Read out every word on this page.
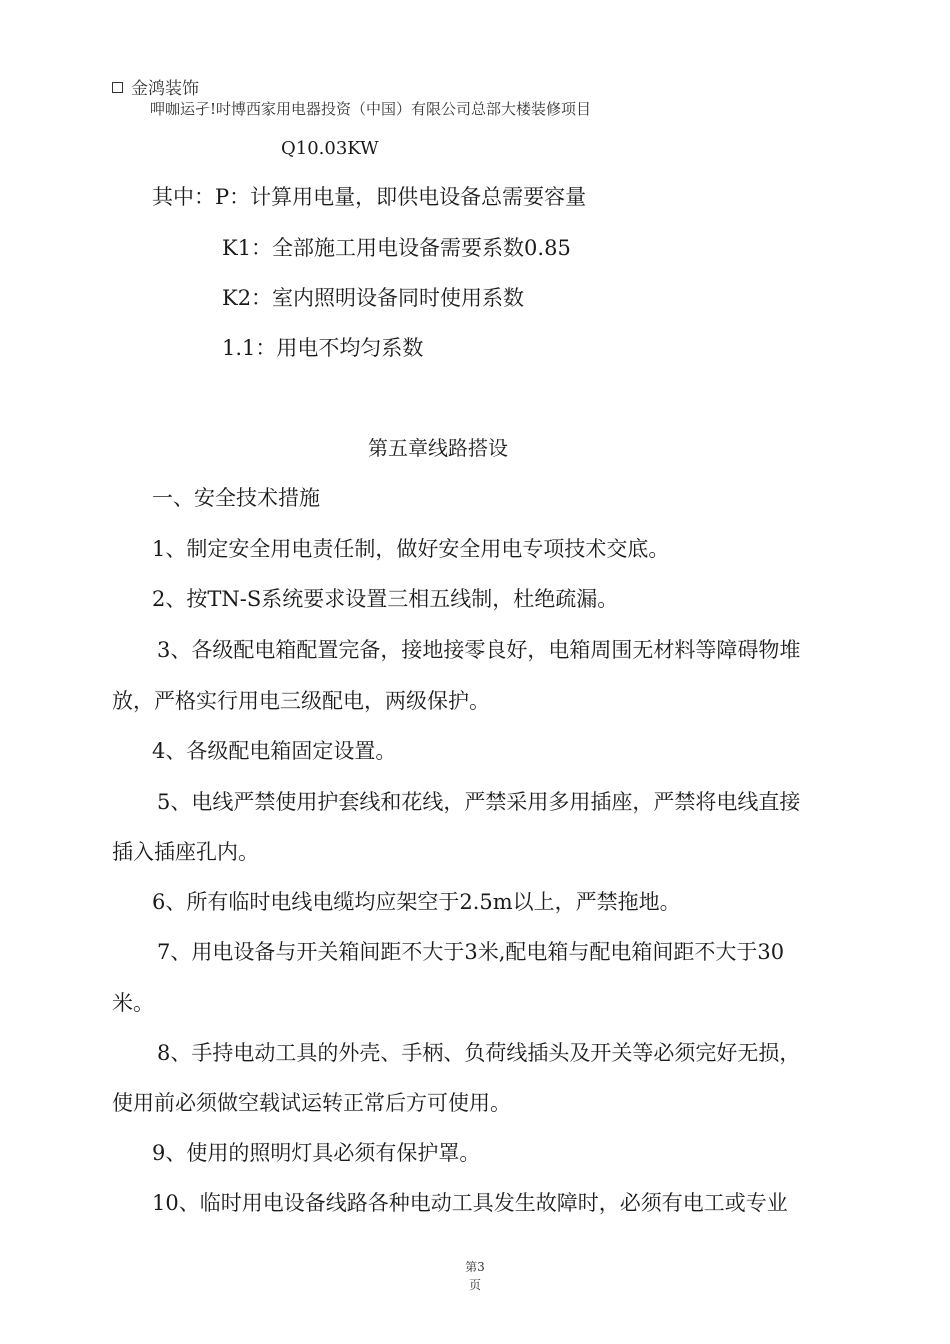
金鸿装饰
呷咖运孑!吋博西家用电器投资（中国）有限公司总部大楼装修项目
Q10.03KW
其中：P：计算用电量，即供电设备总需要容量
K1：全部施工用电设备需要系数0.85
K2：室内照明设备同时使用系数
1.1：用电不均匀系数
第五章线路搭设
一、安全技术措施
1、制定安全用电责任制，做好安全用电专项技术交底。
2、按TN-S系统要求设置三相五线制，杜绝疏漏。
3、各级配电箱配置完备，接地接零良好，电箱周围无材料等障碍物堆
放，严格实行用电三级配电，两级保护。
4、各级配电箱固定设置。
5、电线严禁使用护套线和花线，严禁采用多用插座，严禁将电线直接
插入插座孔内。
6、所有临时电线电缆均应架空于2.5m以上，严禁拖地。
7、用电设备与开关箱间距不大于3米,配电箱与配电箱间距不大于30
米。
8、手持电动工具的外壳、手柄、负荷线插头及开关等必须完好无损，
使用前必须做空载试运转正常后方可使用。
9、使用的照明灯具必须有保护罩。
10、临时用电设备线路各种电动工具发生故障时，必须有电工或专业
第3
页
